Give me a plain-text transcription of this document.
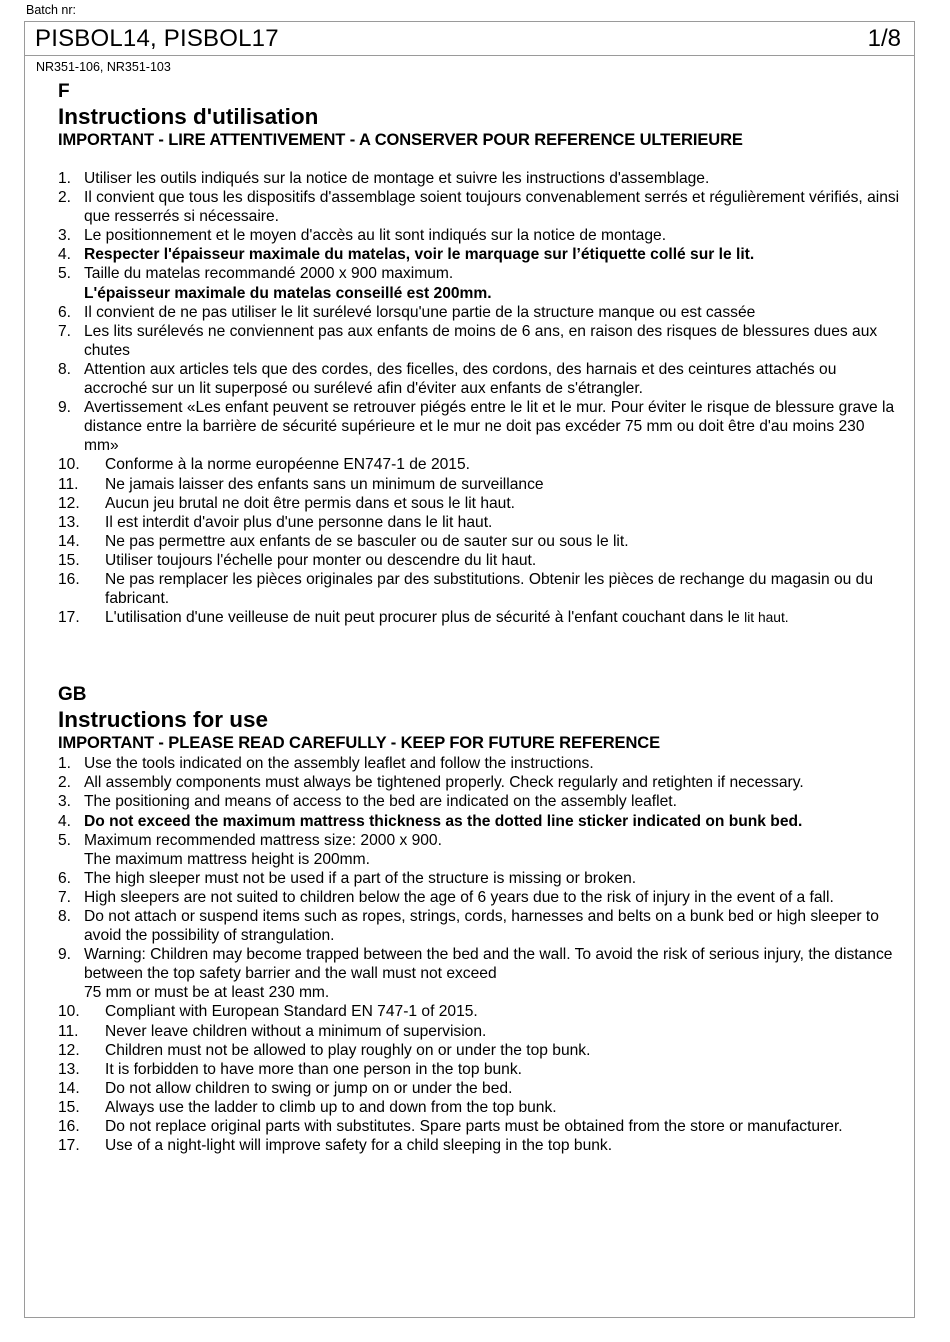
Batch nr:
PISBOL14, PISBOL17	1/8
NR351-106, NR351-103
F
Instructions d'utilisation
IMPORTANT - LIRE ATTENTIVEMENT - A CONSERVER POUR REFERENCE ULTERIEURE
1. Utiliser les outils indiqués sur la notice de montage et suivre les instructions d'assemblage.
2. Il convient que tous les dispositifs d'assemblage soient toujours convenablement serrés et régulièrement vérifiés, ainsi que resserrés si nécessaire.
3. Le positionnement et le moyen d'accès au lit sont indiqués sur la notice de montage.
4. Respecter l'épaisseur maximale du matelas, voir le marquage sur l’étiquette collé sur le lit.
5. Taille du matelas recommandé 2000 x 900 maximum.
L'épaisseur maximale du matelas conseillé est 200mm.
6. Il convient de ne pas utiliser le lit surélevé lorsqu'une partie de la structure manque ou est cassée
7. Les lits surélevés ne conviennent pas aux enfants de moins de 6 ans, en raison des risques de blessures dues aux chutes
8. Attention aux articles tels que des cordes, des ficelles, des cordons, des harnais et des ceintures attachés ou accroché sur un lit superposé ou surélevé afin d'éviter aux enfants de s'étrangler.
9. Avertissement «Les enfant peuvent se retrouver piégés entre le lit et le mur. Pour éviter le risque de blessure grave la distance entre la barrière de sécurité supérieure et le mur ne doit pas excéder 75 mm ou doit être d'au moins 230 mm»
10.	Conforme à la norme européenne EN747-1 de 2015.
11.	Ne jamais laisser des enfants sans un minimum de surveillance
12.	Aucun jeu brutal ne doit être permis dans et sous le lit haut.
13.	Il est interdit d'avoir plus d'une personne dans le lit haut.
14.	Ne pas permettre aux enfants de se basculer ou de sauter sur ou sous le lit.
15.	Utiliser toujours l'échelle pour monter ou descendre du lit haut.
16.	Ne pas remplacer les pièces originales par des substitutions. Obtenir les pièces de rechange du magasin ou du fabricant.
17.	L'utilisation d'une veilleuse de nuit peut procurer plus de sécurité à l'enfant couchant dans le lit haut.
GB
Instructions for use
IMPORTANT - PLEASE READ CAREFULLY - KEEP FOR FUTURE REFERENCE
1. Use the tools indicated on the assembly leaflet and follow the instructions.
2. All assembly components must always be tightened properly. Check regularly and retighten if necessary.
3. The positioning and means of access to the bed are indicated on the assembly leaflet.
4. Do not exceed the maximum mattress thickness as the dotted line sticker indicated on bunk bed.
5. Maximum recommended mattress size: 2000 x 900.
The maximum mattress height is 200mm.
6. The high sleeper must not be used if a part of the structure is missing or broken.
7. High sleepers are not suited to children below the age of 6 years due to the risk of injury in the event of a fall.
8. Do not attach or suspend items such as ropes, strings, cords, harnesses and belts on a bunk bed or high sleeper to avoid the possibility of strangulation.
9. Warning: Children may become trapped between the bed and the wall. To avoid the risk of serious injury, the distance between the top safety barrier and the wall must not exceed
75 mm or must be at least 230 mm.
10.	Compliant with European Standard EN 747-1 of 2015.
11.	Never leave children without a minimum of supervision.
12.	Children must not be allowed to play roughly on or under the top bunk.
13.	It is forbidden to have more than one person in the top bunk.
14.	Do not allow children to swing or jump on or under the bed.
15.	Always use the ladder to climb up to and down from the top bunk.
16.	Do not replace original parts with substitutes. Spare parts must be obtained from the store or manufacturer.
17.	Use of a night-light will improve safety for a child sleeping in the top bunk.
